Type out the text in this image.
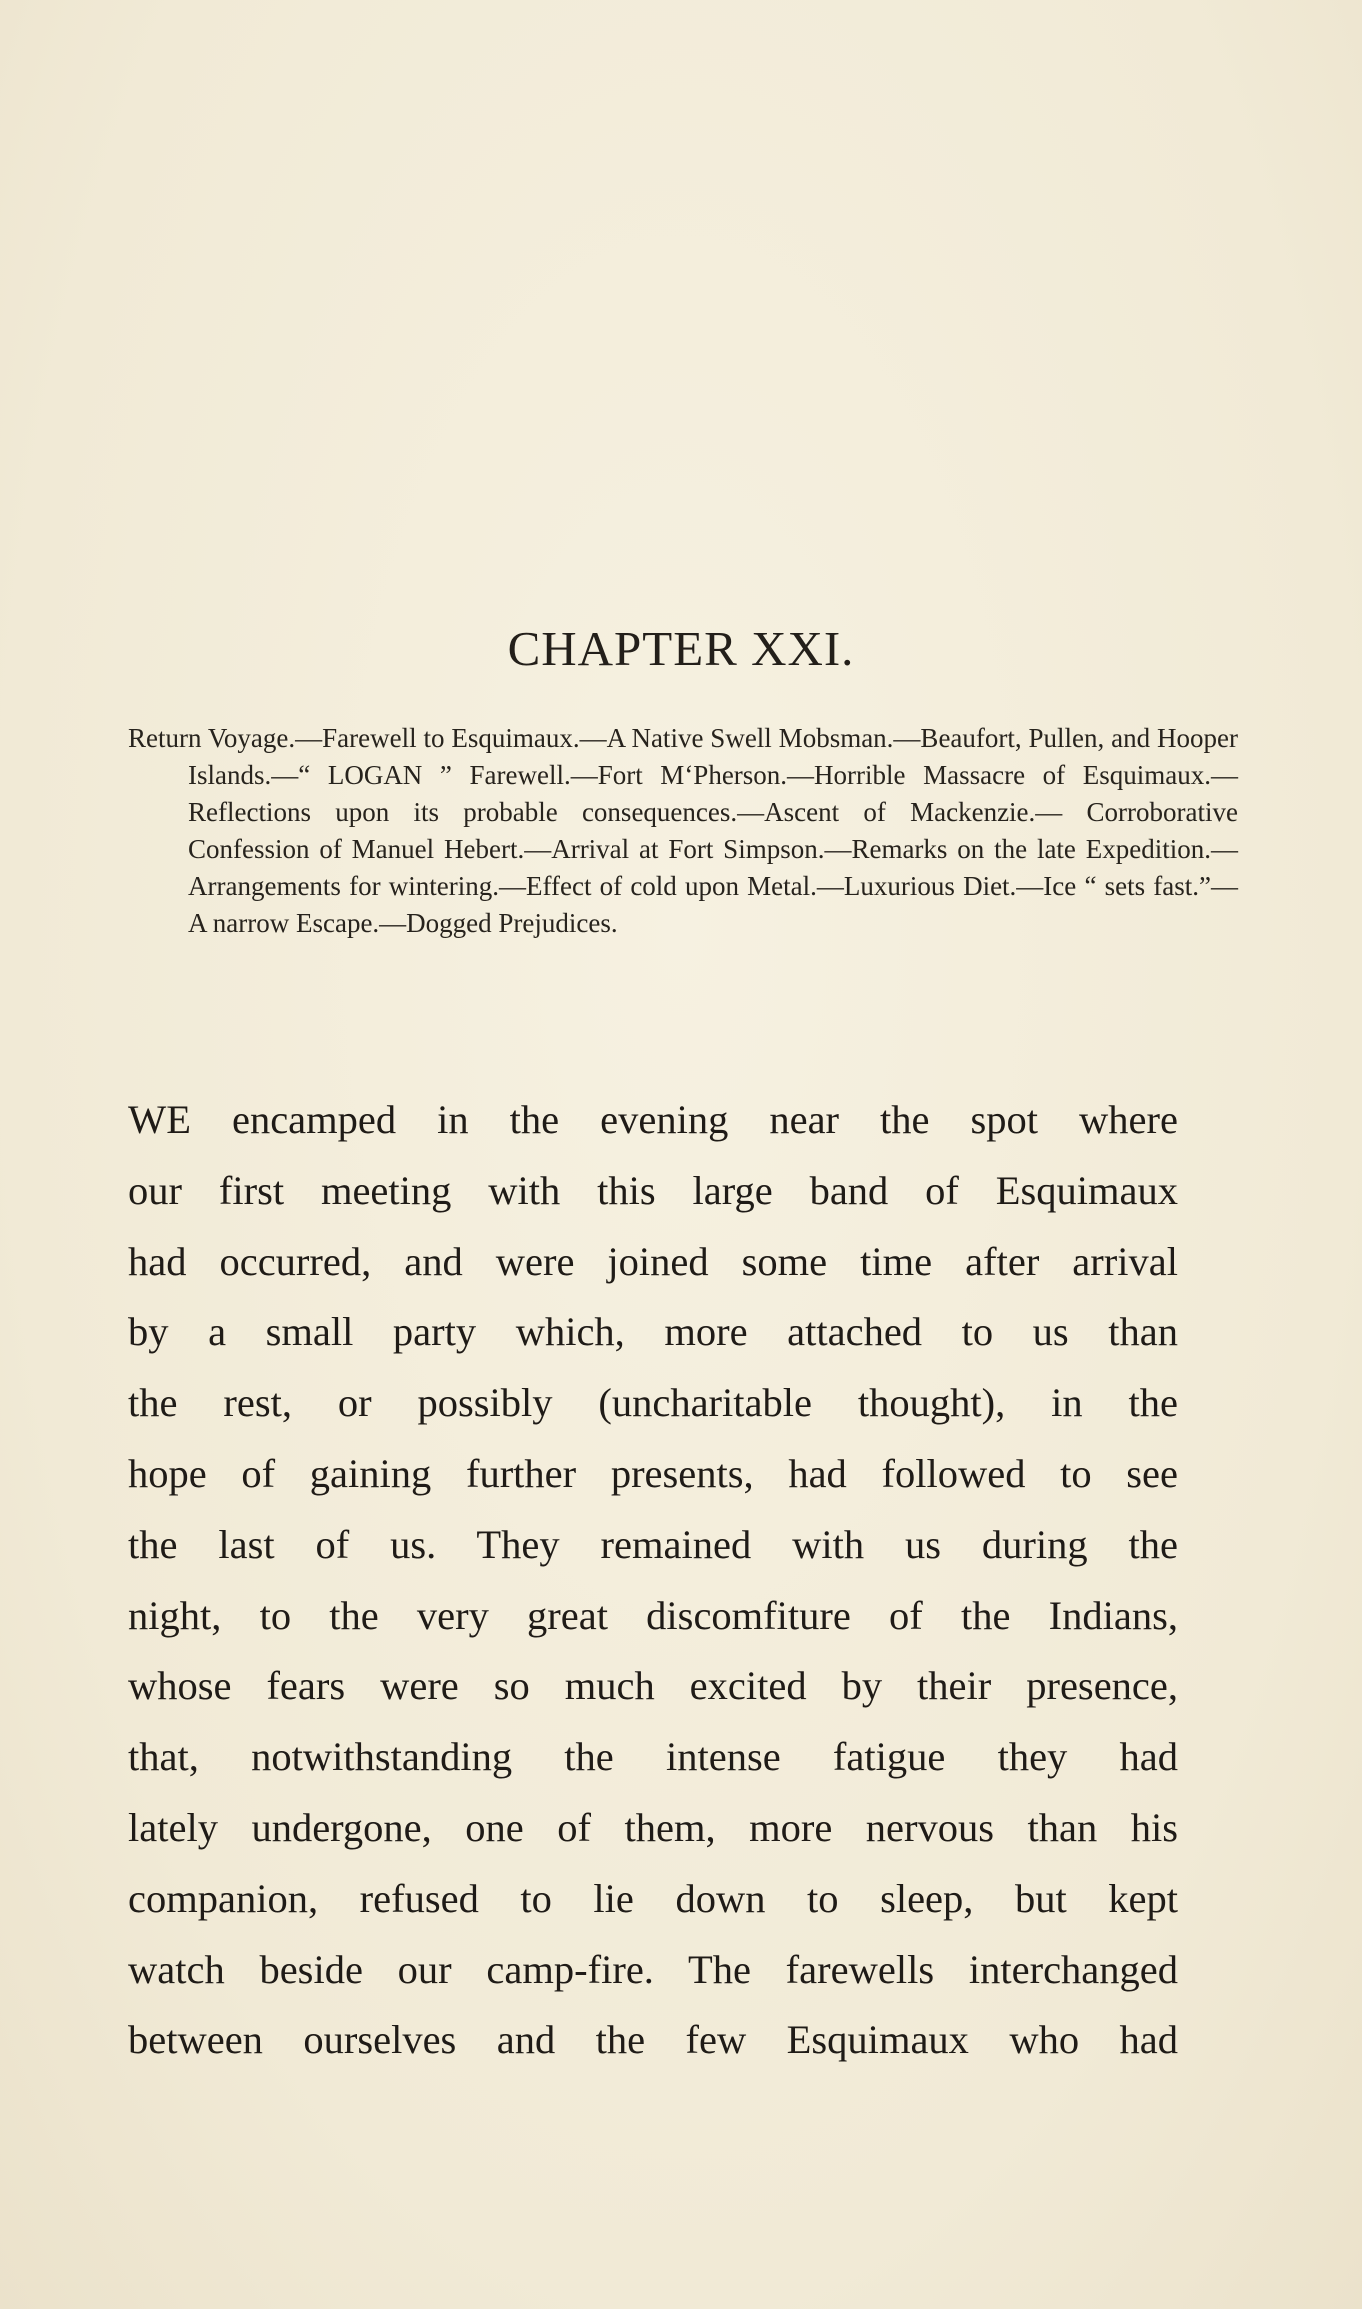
CHAPTER XXI.

Return Voyage.—Farewell to Esquimaux.—A Native Swell Mobsman.—Beaufort, Pullen, and Hooper Islands.—“ LOGAN ” Farewell.—Fort M‘Pherson.—Horrible Massacre of Esquimaux.—Reflections upon its probable consequences.—Ascent of Mackenzie.— Corroborative Confession of Manuel Hebert.—Arrival at Fort Simpson.—Remarks on the late Expedition.—Arrangements for wintering.—Effect of cold upon Metal.—Luxurious Diet.—Ice “ sets fast.”—A narrow Escape.—Dogged Prejudices.

WE encamped in the evening near the spot where
our first meeting with this large band of Esquimaux
had occurred, and were joined some time after arrival
by a small party which, more attached to us than
the rest, or possibly (uncharitable thought), in the
hope of gaining further presents, had followed to see
the last of us. They remained with us during the
night, to the very great discomfiture of the Indians,
whose fears were so much excited by their presence,
that, notwithstanding the intense fatigue they had
lately undergone, one of them, more nervous than his
companion, refused to lie down to sleep, but kept
watch beside our camp-fire. The farewells interchanged
between ourselves and the few Esquimaux who had
